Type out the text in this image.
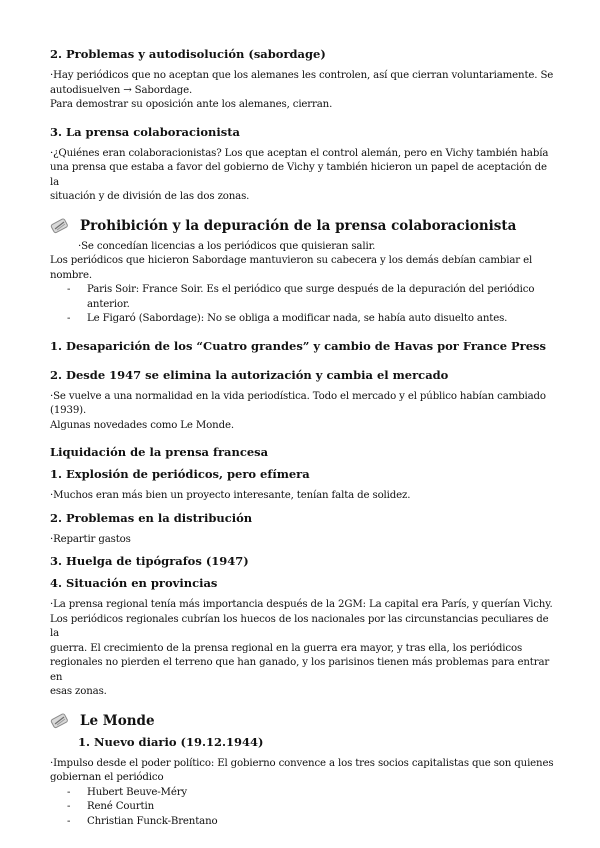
2. Problemas y autodisolución (sabordage)

·Hay periódicos que no aceptan que los alemanes les controlen, así que cierran voluntariamente. Se

autodisuelven → Sabordage.

Para demostrar su oposición ante los alemanes, cierran.

3. La prensa colaboracionista

·¿Quiénes eran colaboracionistas? Los que aceptan el control alemán, pero en Vichy también había

una prensa que estaba a favor del gobierno de Vichy y también hicieron un papel de aceptación de la

situación y de división de las dos zonas.

Prohibición y la depuración de la prensa colaboracionista

·Se concedían licencias a los periódicos que quisieran salir.

Los periódicos que hicieron Sabordage mantuvieron su cabecera y los demás debían cambiar el

nombre.

- Paris Soir: France Soir. Es el periódico que surge después de la depuración del periódico
anterior.
- Le Figaró (Sabordage): No se obliga a modificar nada, se había auto disuelto antes.
1. Desaparición de los “Cuatro grandes” y cambio de Havas por France Press
2. Desde 1947 se elimina la autorización y cambia el mercado

·Se vuelve a una normalidad en la vida periodística. Todo el mercado y el público habían cambiado

(1939).

Algunas novedades como Le Monde.

Liquidación de la prensa francesa
1. Explosión de periódicos, pero efímera

·Muchos eran más bien un proyecto interesante, tenían falta de solidez.

2. Problemas en la distribución

·Repartir gastos

3. Huelga de tipógrafos (1947)
4. Situación en provincias

·La prensa regional tenía más importancia después de la 2GM: La capital era París, y querían Vichy.

Los periódicos regionales cubrían los huecos de los nacionales por las circunstancias peculiares de la

guerra. El crecimiento de la prensa regional en la guerra era mayor, y tras ella, los periódicos

regionales no pierden el terreno que han ganado, y los parisinos tienen más problemas para entrar en

esas zonas.

Le Monde
1. Nuevo diario (19.12.1944)

·Impulso desde el poder político: El gobierno convence a los tres socios capitalistas que son quienes

gobiernan el periódico

- Hubert Beuve-Méry
- René Courtin
- Christian Funck-Brentano
